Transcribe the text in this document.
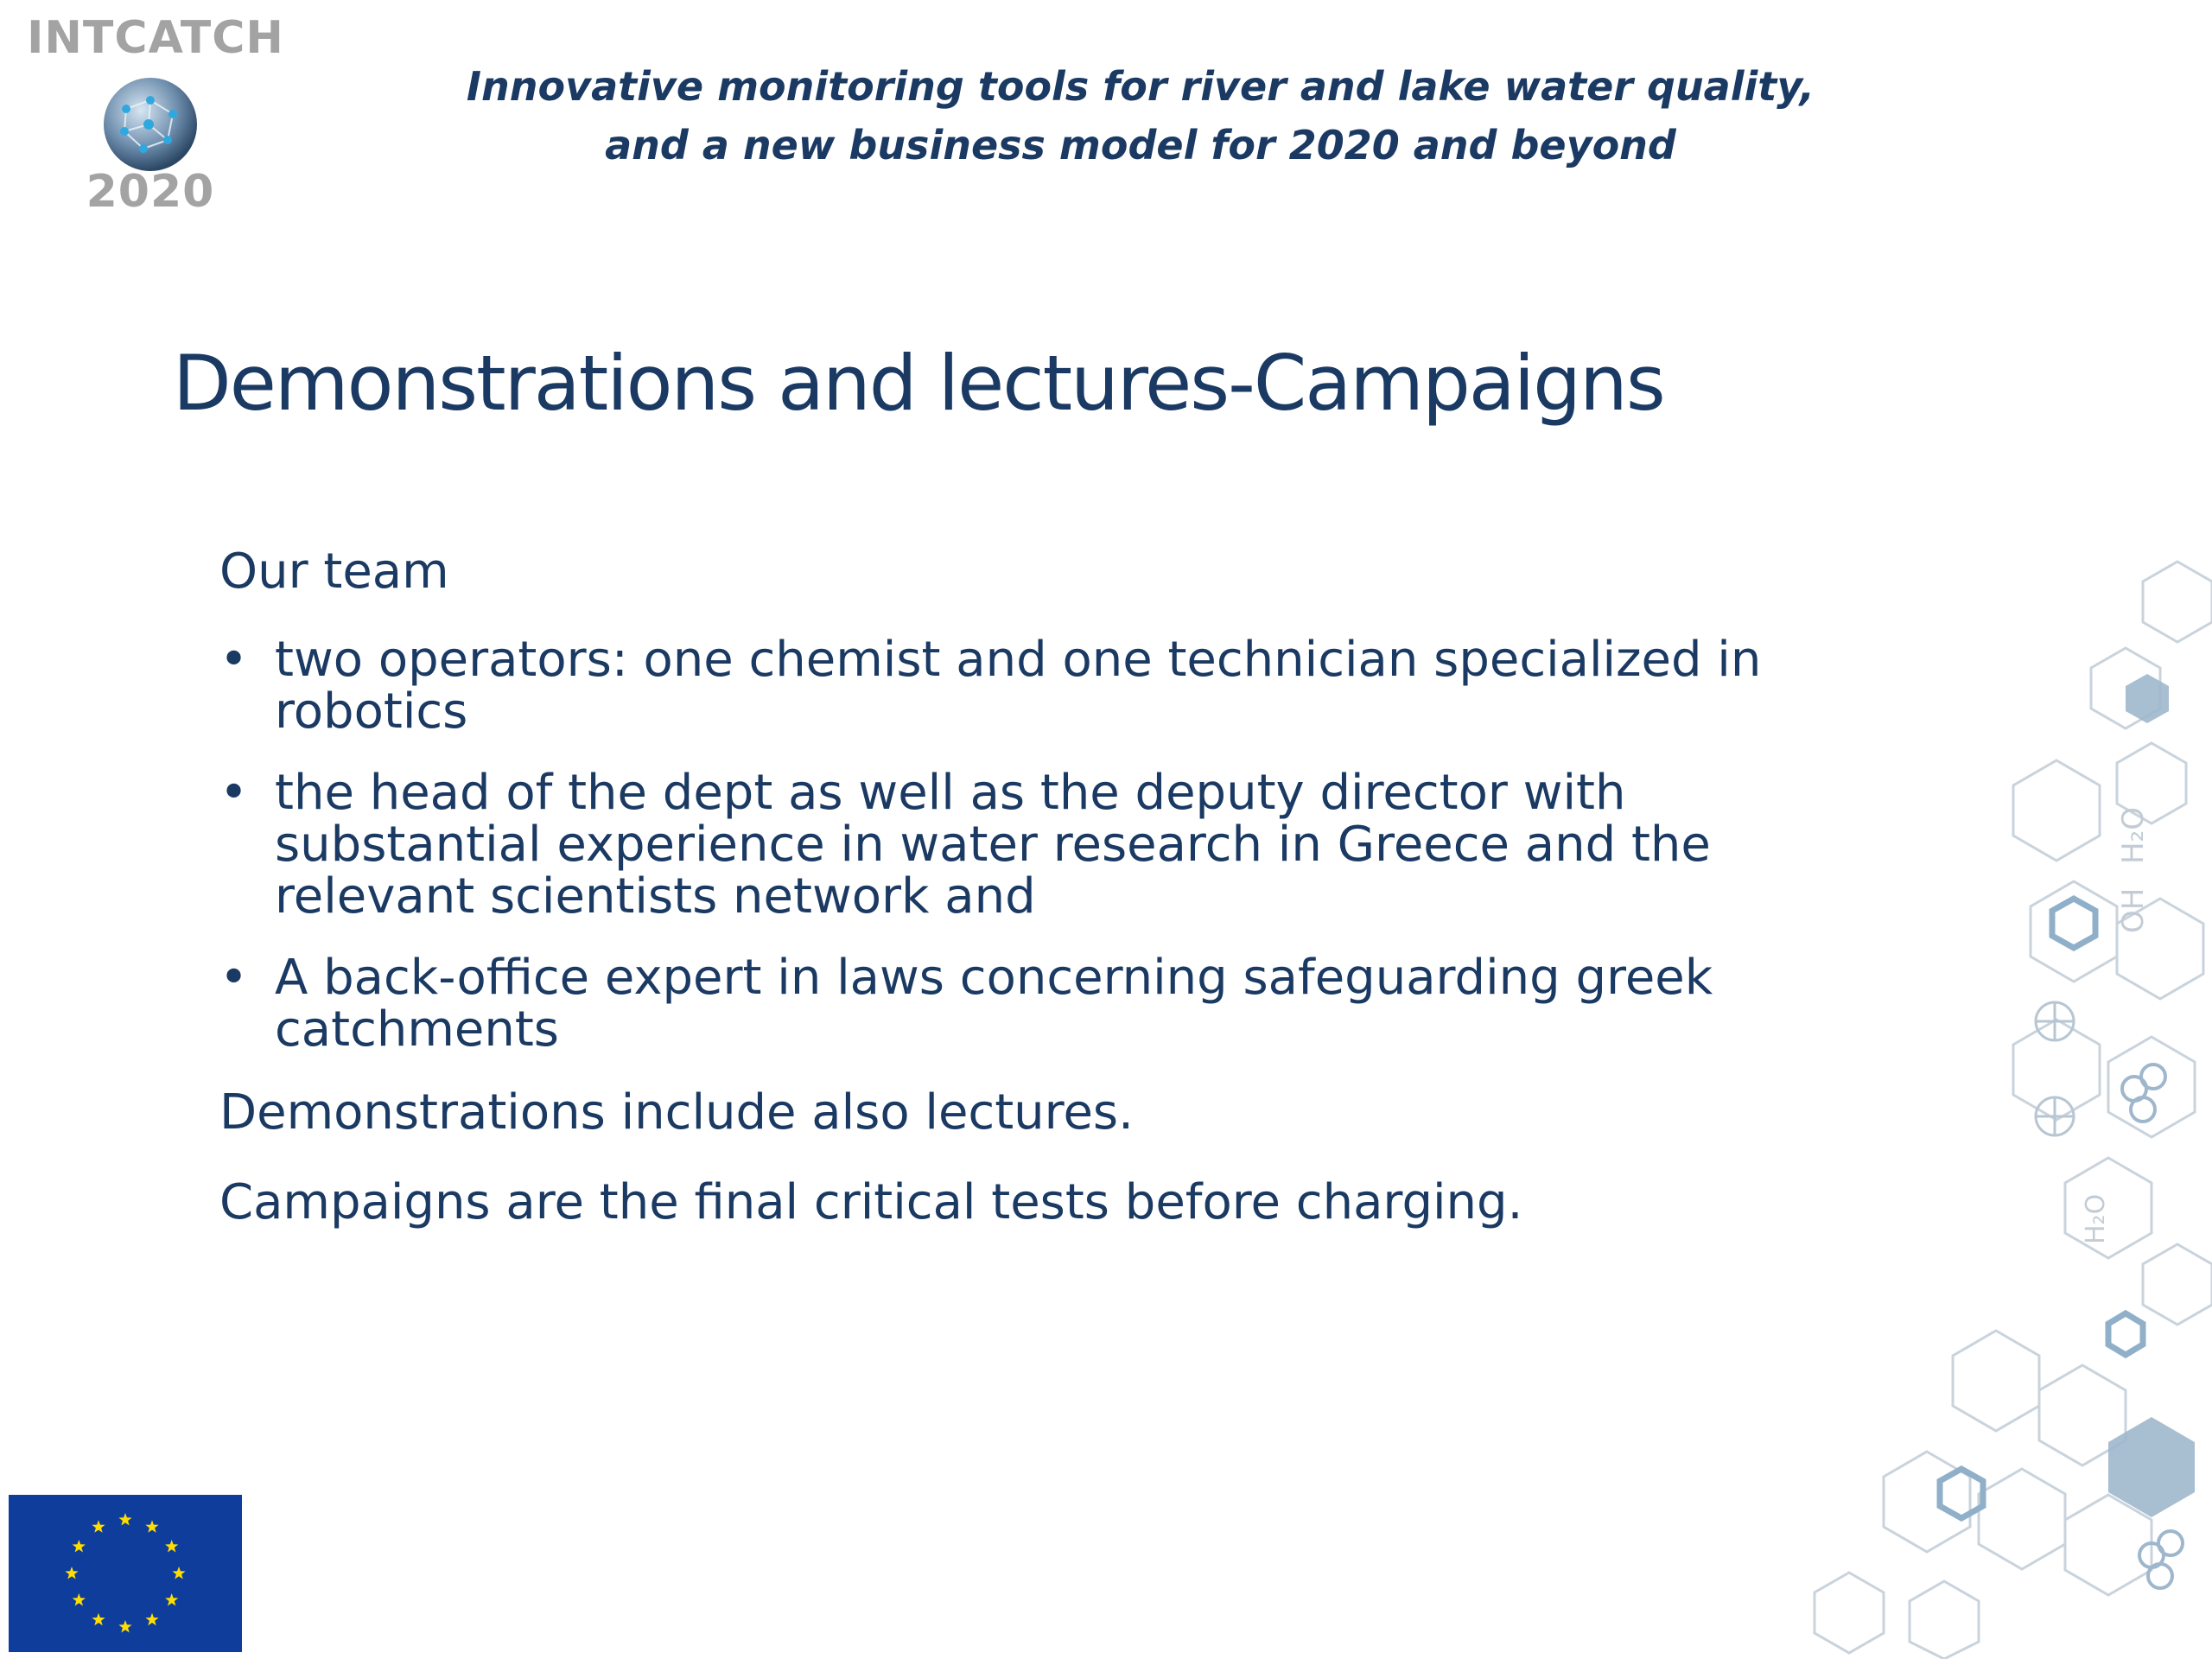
INTCATCH
2020
Innovative monitoring tools for river and lake water quality,
and a new business model for 2020 and beyond
Demonstrations and lectures-Campaigns

Our team

• two operators: one chemist and one technician specialized in robotics
• the head of the dept as well as the deputy director with substantial experience in water research in Greece and the relevant scientists network and
• A back-office expert in laws concerning safeguarding greek catchments

Demonstrations include also lectures.

Campaigns are the final critical tests before charging.

H₂O
OH
H₂O
